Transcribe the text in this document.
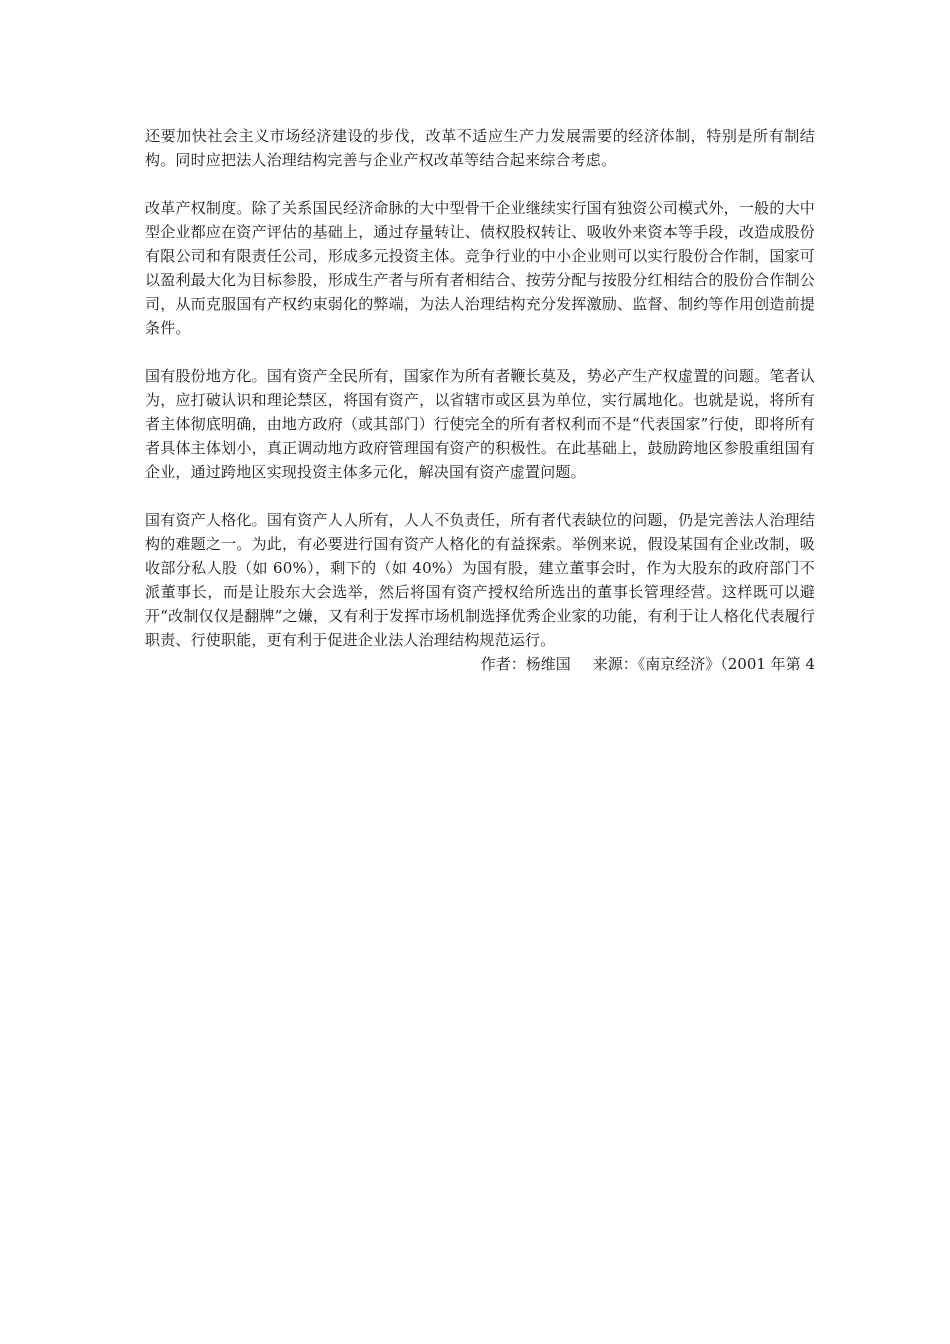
还要加快社会主义市场经济建设的步伐，改革不适应生产力发展需要的经济体制，特别是所有制结构。同时应把法人治理结构完善与企业产权改革等结合起来综合考虑。

改革产权制度。除了关系国民经济命脉的大中型骨干企业继续实行国有独资公司模式外，一般的大中型企业都应在资产评估的基础上，通过存量转让、债权股权转让、吸收外来资本等手段，改造成股份有限公司和有限责任公司，形成多元投资主体。竞争行业的中小企业则可以实行股份合作制，国家可以盈利最大化为目标参股，形成生产者与所有者相结合、按劳分配与按股分红相结合的股份合作制公司，从而克服国有产权约束弱化的弊端，为法人治理结构充分发挥激励、监督、制约等作用创造前提条件。

国有股份地方化。国有资产全民所有，国家作为所有者鞭长莫及，势必产生产权虚置的问题。笔者认为，应打破认识和理论禁区，将国有资产，以省辖市或区县为单位，实行属地化。也就是说，将所有者主体彻底明确，由地方政府（或其部门）行使完全的所有者权利而不是“代表国家”行使，即将所有者具体主体划小，真正调动地方政府管理国有资产的积极性。在此基础上，鼓励跨地区参股重组国有企业，通过跨地区实现投资主体多元化，解决国有资产虚置问题。

国有资产人格化。国有资产人人所有，人人不负责任，所有者代表缺位的问题，仍是完善法人治理结构的难题之一。为此，有必要进行国有资产人格化的有益探索。举例来说，假设某国有企业改制，吸收部分私人股（如 60%），剩下的（如 40%）为国有股，建立董事会时，作为大股东的政府部门不派董事长，而是让股东大会选举，然后将国有资产授权给所选出的董事长管理经营。这样既可以避开“改制仅仅是翻牌”之嫌，又有利于发挥市场机制选择优秀企业家的功能，有利于让人格化代表履行职责、行使职能，更有利于促进企业法人治理结构规范运行。

作者：杨维国 来源：《南京经济》（2001 年第 4
